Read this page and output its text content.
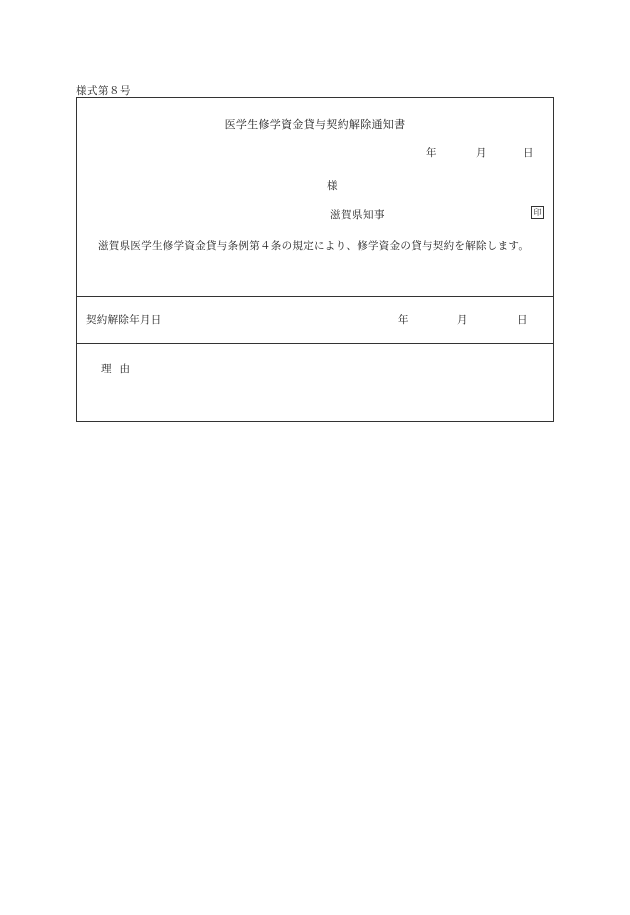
様式第８号
医学生修学資金貸与契約解除通知書
年	月	日
様
滋賀県知事	印
滋賀県医学生修学資金貸与条例第４条の規定により、修学資金の貸与契約を解除します。
契約解除年月日	年	月	日
理由
